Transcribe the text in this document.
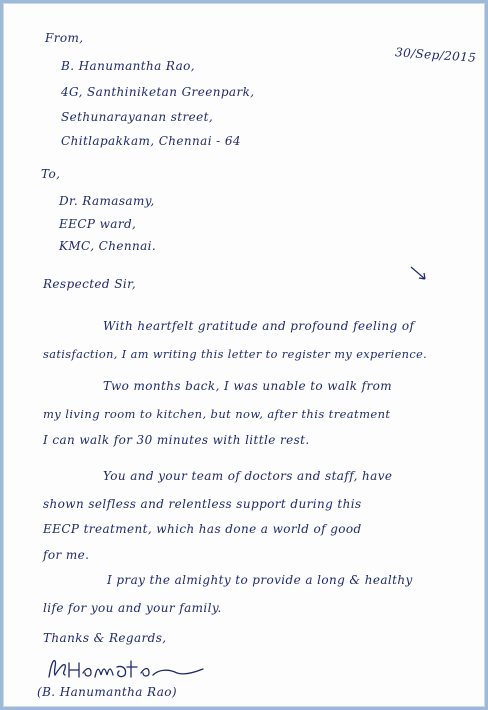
From,
B. Hanumantha Rao,
4G, Santhiniketan Greenpark,
Sethunarayanan street,
Chitlapakkam, Chennai - 64
30/Sep/2015
To,
Dr. Ramasamy,
EECP ward,
KMC, Chennai.
Respected Sir,
With heartfelt gratitude and profound feeling of
satisfaction, I am writing this letter to register my experience.
Two months back, I was unable to walk from
my living room to kitchen, but now, after this treatment
I can walk for 30 minutes with little rest.
You and your team of doctors and staff, have
shown selfless and relentless support during this
EECP treatment, which has done a world of good
for me.
I pray the almighty to provide a long & healthy
life for you and your family.
Thanks & Regards,
(B. Hanumantha Rao)
